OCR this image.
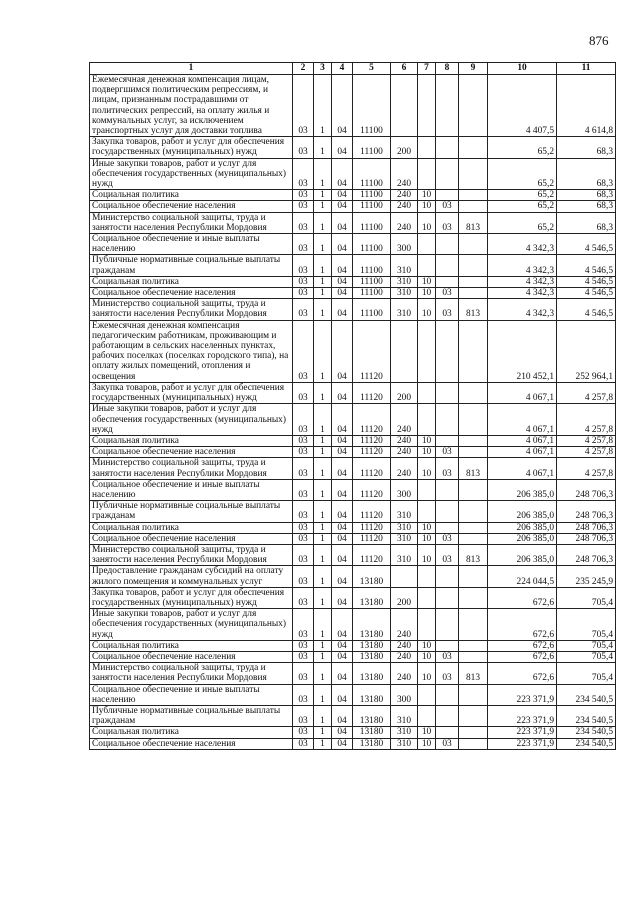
876
1	2	3	4	5	6	7	8	9	10	11
Ежемесячная денежная компенсация лицам, подвергшимся политическим репрессиям, и лицам, признанным пострадавшими от политических репрессий, на оплату жилья и коммунальных услуг, за исключением транспортных услуг для доставки топлива	03	1	04	11100					4 407,5	4 614,8
Закупка товаров, работ и услуг для обеспечения государственных (муниципальных) нужд	03	1	04	11100	200				65,2	68,3
Иные закупки товаров, работ и услуг для обеспечения государственных (муниципальных) нужд	03	1	04	11100	240				65,2	68,3
Социальная политика	03	1	04	11100	240	10			65,2	68,3
Социальное обеспечение населения	03	1	04	11100	240	10	03		65,2	68,3
Министерство социальной защиты, труда и занятости населения Республики Мордовия	03	1	04	11100	240	10	03	813	65,2	68,3
Социальное обеспечение и иные выплаты населению	03	1	04	11100	300				4 342,3	4 546,5
Публичные нормативные социальные выплаты гражданам	03	1	04	11100	310				4 342,3	4 546,5
Социальная политика	03	1	04	11100	310	10			4 342,3	4 546,5
Социальное обеспечение населения	03	1	04	11100	310	10	03		4 342,3	4 546,5
Министерство социальной защиты, труда и занятости населения Республики Мордовия	03	1	04	11100	310	10	03	813	4 342,3	4 546,5
Ежемесячная денежная компенсация педагогическим работникам, проживающим и работающим в сельских населенных пунктах, рабочих поселках (поселках городского типа), на оплату жилых помещений, отопления и освещения	03	1	04	11120					210 452,1	252 964,1
Закупка товаров, работ и услуг для обеспечения государственных (муниципальных) нужд	03	1	04	11120	200				4 067,1	4 257,8
Иные закупки товаров, работ и услуг для обеспечения государственных (муниципальных) нужд	03	1	04	11120	240				4 067,1	4 257,8
Социальная политика	03	1	04	11120	240	10			4 067,1	4 257,8
Социальное обеспечение населения	03	1	04	11120	240	10	03		4 067,1	4 257,8
Министерство социальной защиты, труда и занятости населения Республики Мордовия	03	1	04	11120	240	10	03	813	4 067,1	4 257,8
Социальное обеспечение и иные выплаты населению	03	1	04	11120	300				206 385,0	248 706,3
Публичные нормативные социальные выплаты гражданам	03	1	04	11120	310				206 385,0	248 706,3
Социальная политика	03	1	04	11120	310	10			206 385,0	248 706,3
Социальное обеспечение населения	03	1	04	11120	310	10	03		206 385,0	248 706,3
Министерство социальной защиты, труда и занятости населения Республики Мордовия	03	1	04	11120	310	10	03	813	206 385,0	248 706,3
Предоставление гражданам субсидий на оплату жилого помещения и коммунальных услуг	03	1	04	13180					224 044,5	235 245,9
Закупка товаров, работ и услуг для обеспечения государственных (муниципальных) нужд	03	1	04	13180	200				672,6	705,4
Иные закупки товаров, работ и услуг для обеспечения государственных (муниципальных) нужд	03	1	04	13180	240				672,6	705,4
Социальная политика	03	1	04	13180	240	10			672,6	705,4
Социальное обеспечение населения	03	1	04	13180	240	10	03		672,6	705,4
Министерство социальной защиты, труда и занятости населения Республики Мордовия	03	1	04	13180	240	10	03	813	672,6	705,4
Социальное обеспечение и иные выплаты населению	03	1	04	13180	300				223 371,9	234 540,5
Публичные нормативные социальные выплаты гражданам	03	1	04	13180	310				223 371,9	234 540,5
Социальная политика	03	1	04	13180	310	10			223 371,9	234 540,5
Социальное обеспечение населения	03	1	04	13180	310	10	03		223 371,9	234 540,5
